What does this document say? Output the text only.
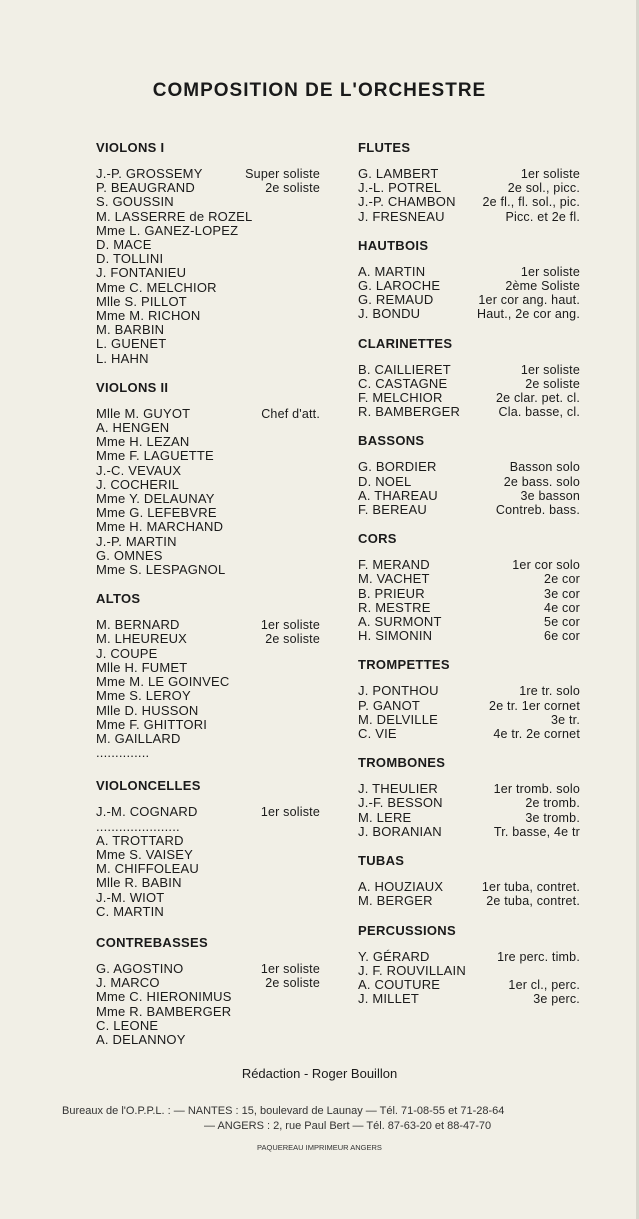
COMPOSITION DE L'ORCHESTRE
VIOLONS I
J.-P. GROSSEMY	Super soliste
P. BEAUGRAND	2e soliste
S. GOUSSIN
M. LASSERRE de ROZEL
Mme L. GANEZ-LOPEZ
D. MACE
D. TOLLINI
J. FONTANIEU
Mme C. MELCHIOR
Mlle S. PILLOT
Mme M. RICHON
M. BARBIN
L. GUENET
L. HAHN
VIOLONS II
Mlle M. GUYOT	Chef d'att.
A. HENGEN
Mme H. LEZAN
Mme F. LAGUETTE
J.-C. VEVAUX
J. COCHERIL
Mme Y. DELAUNAY
Mme G. LEFEBVRE
Mme H. MARCHAND
J.-P. MARTIN
G. OMNES
Mme S. LESPAGNOL
ALTOS
M. BERNARD	1er soliste
M. LHEUREUX	2e soliste
J. COUPE
Mlle H. FUMET
Mme M. LE GOINVEC
Mme S. LEROY
Mlle D. HUSSON
Mme F. GHITTORI
M. GAILLARD
..............
VIOLONCELLES
J.-M. COGNARD	1er soliste
......................
A. TROTTARD
Mme S. VAISEY
M. CHIFFOLEAU
Mlle R. BABIN
J.-M. WIOT
C. MARTIN
CONTREBASSES
G. AGOSTINO	1er soliste
J. MARCO	2e soliste
Mme C. HIERONIMUS
Mme R. BAMBERGER
C. LEONE
A. DELANNOY
FLUTES
G. LAMBERT	1er soliste
J.-L. POTREL	2e sol., picc.
J.-P. CHAMBON 2e fl., fl. sol., pic.
J. FRESNEAU	Picc. et 2e fl.
HAUTBOIS
A. MARTIN	1er soliste
G. LAROCHE	2ème Soliste
G. REMAUD	1er cor ang. haut.
J. BONDU	Haut., 2e cor ang.
CLARINETTES
B. CAILLIERET	1er soliste
C. CASTAGNE	2e soliste
F. MELCHIOR	2e clar. pet. cl.
R. BAMBERGER	Cla. basse, cl.
BASSONS
G. BORDIER	Basson solo
D. NOEL	2e bass. solo
A. THAREAU	3e basson
F. BEREAU	Contreb. bass.
CORS
F. MERAND	1er cor solo
M. VACHET	2e cor
B. PRIEUR	3e cor
R. MESTRE	4e cor
A. SURMONT	5e cor
H. SIMONIN	6e cor
TROMPETTES
J. PONTHOU	1re tr. solo
P. GANOT	2e tr. 1er cornet
M. DELVILLE	3e tr.
C. VIE	4e tr. 2e cornet
TROMBONES
J. THEULIER	1er tromb. solo
J.-F. BESSON	2e tromb.
M. LERE	3e tromb.
J. BORANIAN	Tr. basse, 4e tr
TUBAS
A. HOUZIAUX	1er tuba, contret.
M. BERGER	2e tuba, contret.
PERCUSSIONS
Y. GÉRARD	1re perc. timb.
J. F. ROUVILLAIN
A. COUTURE	1er cl., perc.
J. MILLET	3e perc.
Rédaction - Roger Bouillon
Bureaux de l'O.P.P.L. : — NANTES : 15, boulevard de Launay — Tél. 71-08-55 et 71-28-64
— ANGERS : 2, rue Paul Bert — Tél. 87-63-20 et 88-47-70
PAQUEREAU IMPRIMEUR ANGERS
